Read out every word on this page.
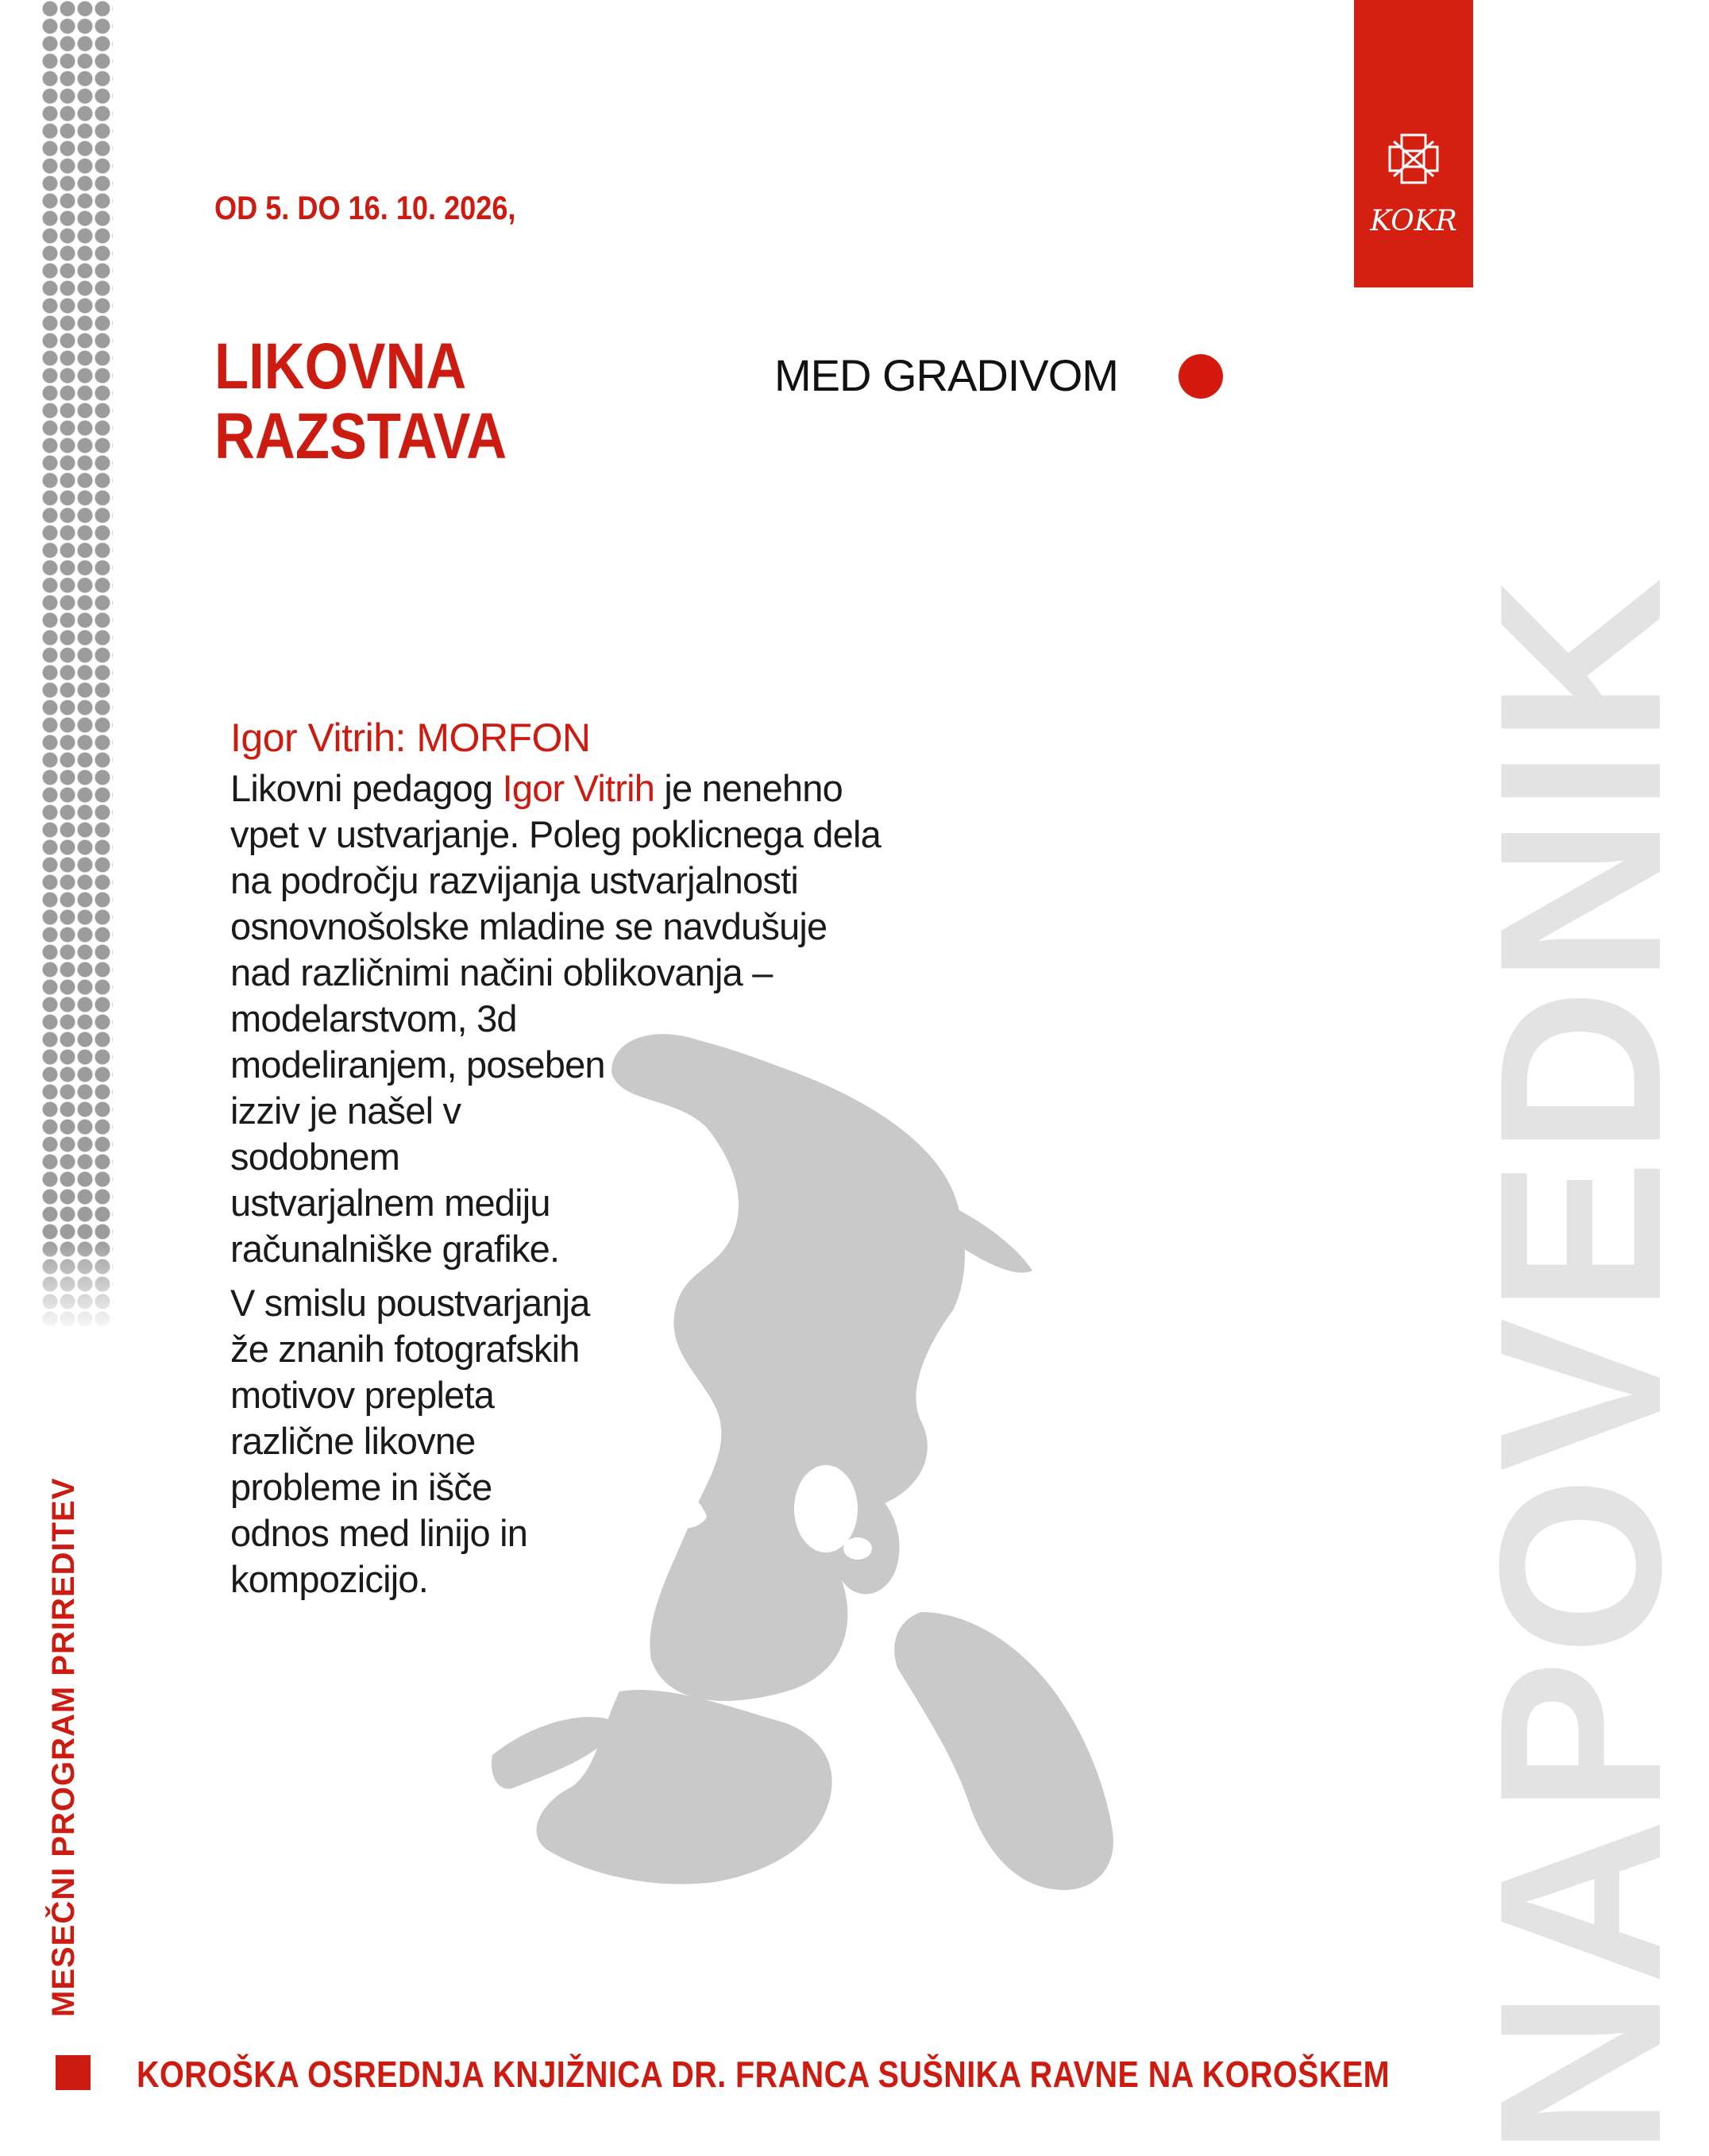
NAPOVEDNIK
KOKR
OD 5. DO 16. 10. 2026,
LIKOVNA
RAZSTAVA
MED GRADIVOM
Igor Vitrih: MORFON

Likovni pedagog Igor Vitrih je nenehno
vpet v ustvarjanje. Poleg poklicnega dela
na področju razvijanja ustvarjalnosti
osnovnošolske mladine se navdušuje
nad različnimi načini oblikovanja –
modelarstvom, 3d
modeliranjem, poseben
izziv je našel v
sodobnem
ustvarjalnem mediju
računalniške grafike.

V smislu poustvarjanja
že znanih fotografskih
motivov prepleta
različne likovne
probleme in išče
odnos med linijo in
kompozicijo.

MESEČNI PROGRAM PRIREDITEV
KOROŠKA OSREDNJA KNJIŽNICA DR. FRANCA SUŠNIKA RAVNE NA KOROŠKEM
